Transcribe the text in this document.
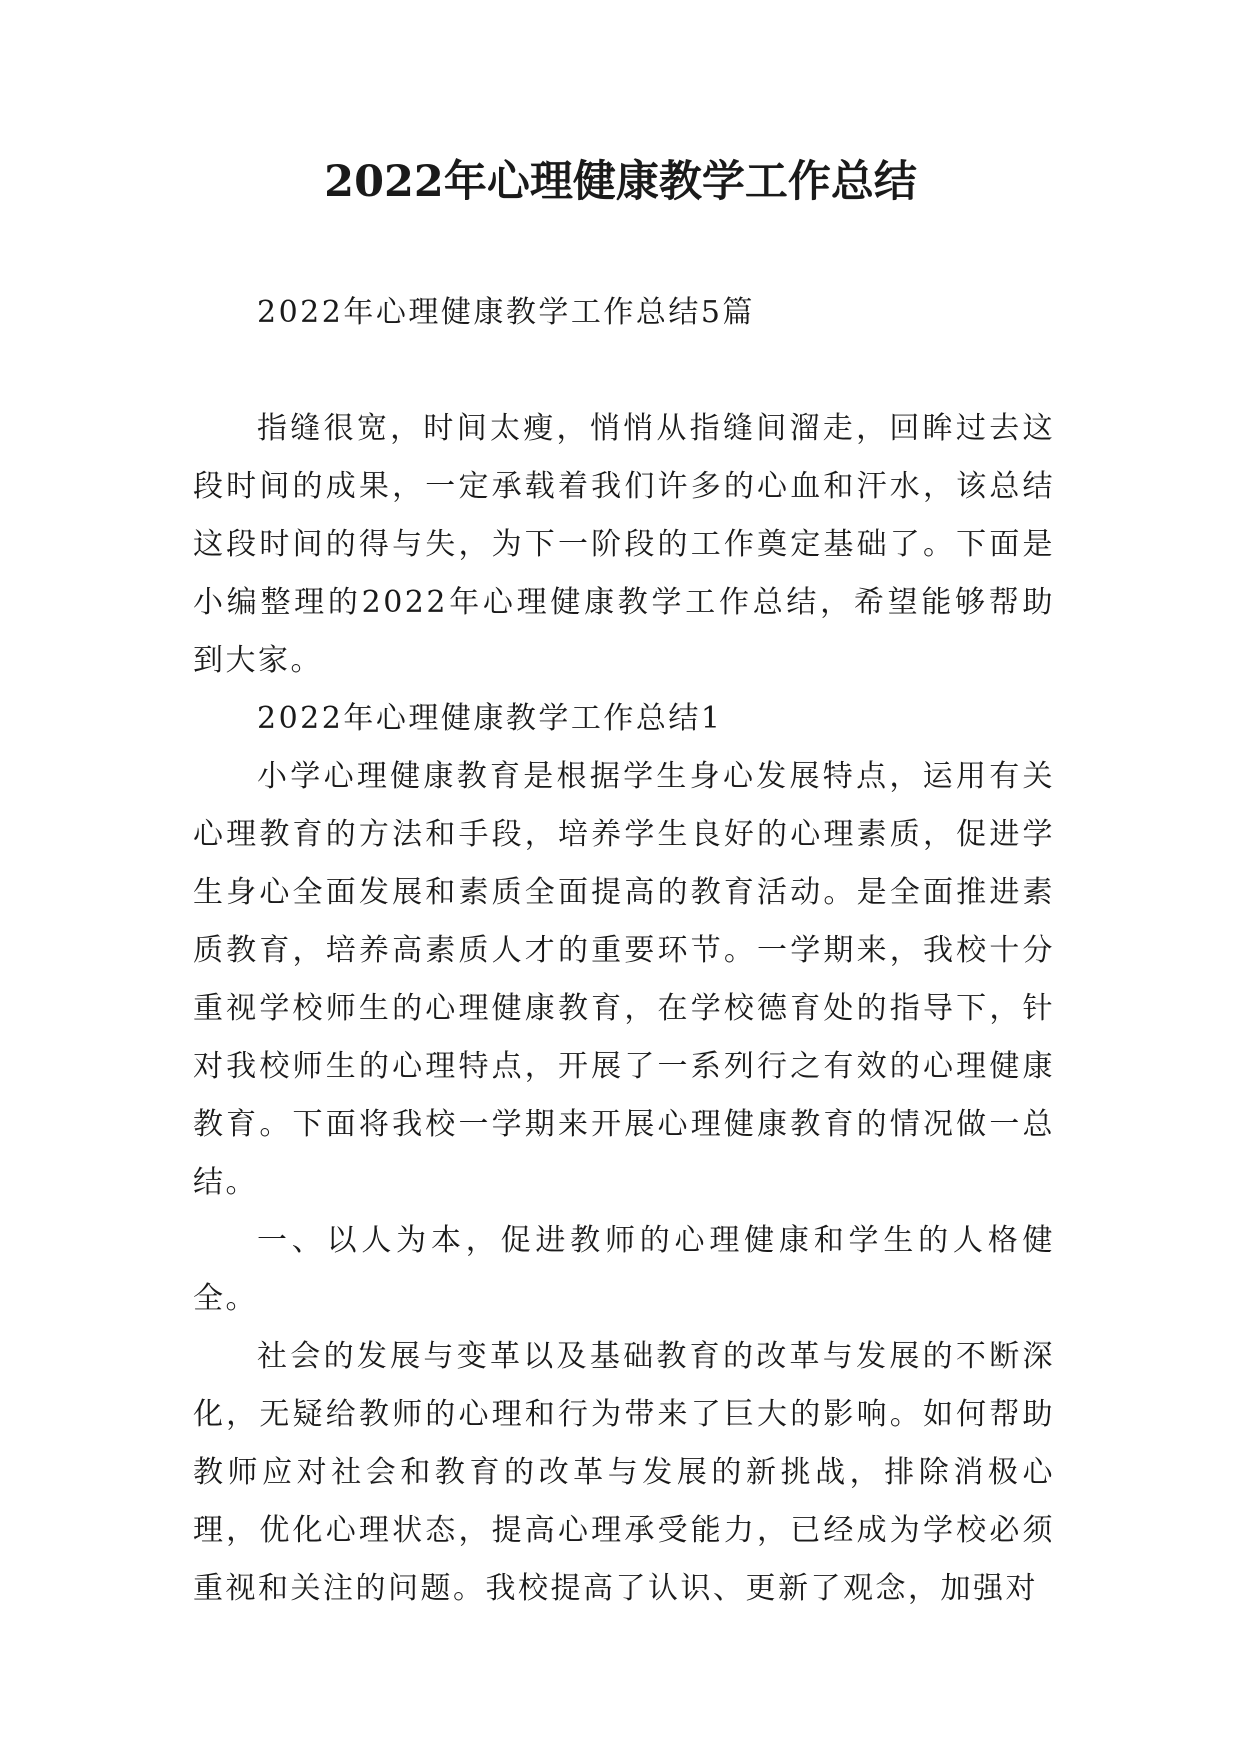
2022年心理健康教学工作总结

2022年心理健康教学工作总结5篇

指缝很宽，时间太瘦，悄悄从指缝间溜走，回眸过去这段时间的成果，一定承载着我们许多的心血和汗水，该总结这段时间的得与失，为下一阶段的工作奠定基础了。下面是小编整理的2022年心理健康教学工作总结，希望能够帮助到大家。

2022年心理健康教学工作总结1

小学心理健康教育是根据学生身心发展特点，运用有关心理教育的方法和手段，培养学生良好的心理素质，促进学生身心全面发展和素质全面提高的教育活动。是全面推进素质教育，培养高素质人才的重要环节。一学期来，我校十分重视学校师生的心理健康教育，在学校德育处的指导下，针对我校师生的心理特点，开展了一系列行之有效的心理健康教育。下面将我校一学期来开展心理健康教育的情况做一总结。

一、以人为本，促进教师的心理健康和学生的人格健全。

社会的发展与变革以及基础教育的改革与发展的不断深化，无疑给教师的心理和行为带来了巨大的影响。如何帮助教师应对社会和教育的改革与发展的新挑战，排除消极心理，优化心理状态，提高心理承受能力，已经成为学校必须重视和关注的问题。我校提高了认识、更新了观念，加强对
